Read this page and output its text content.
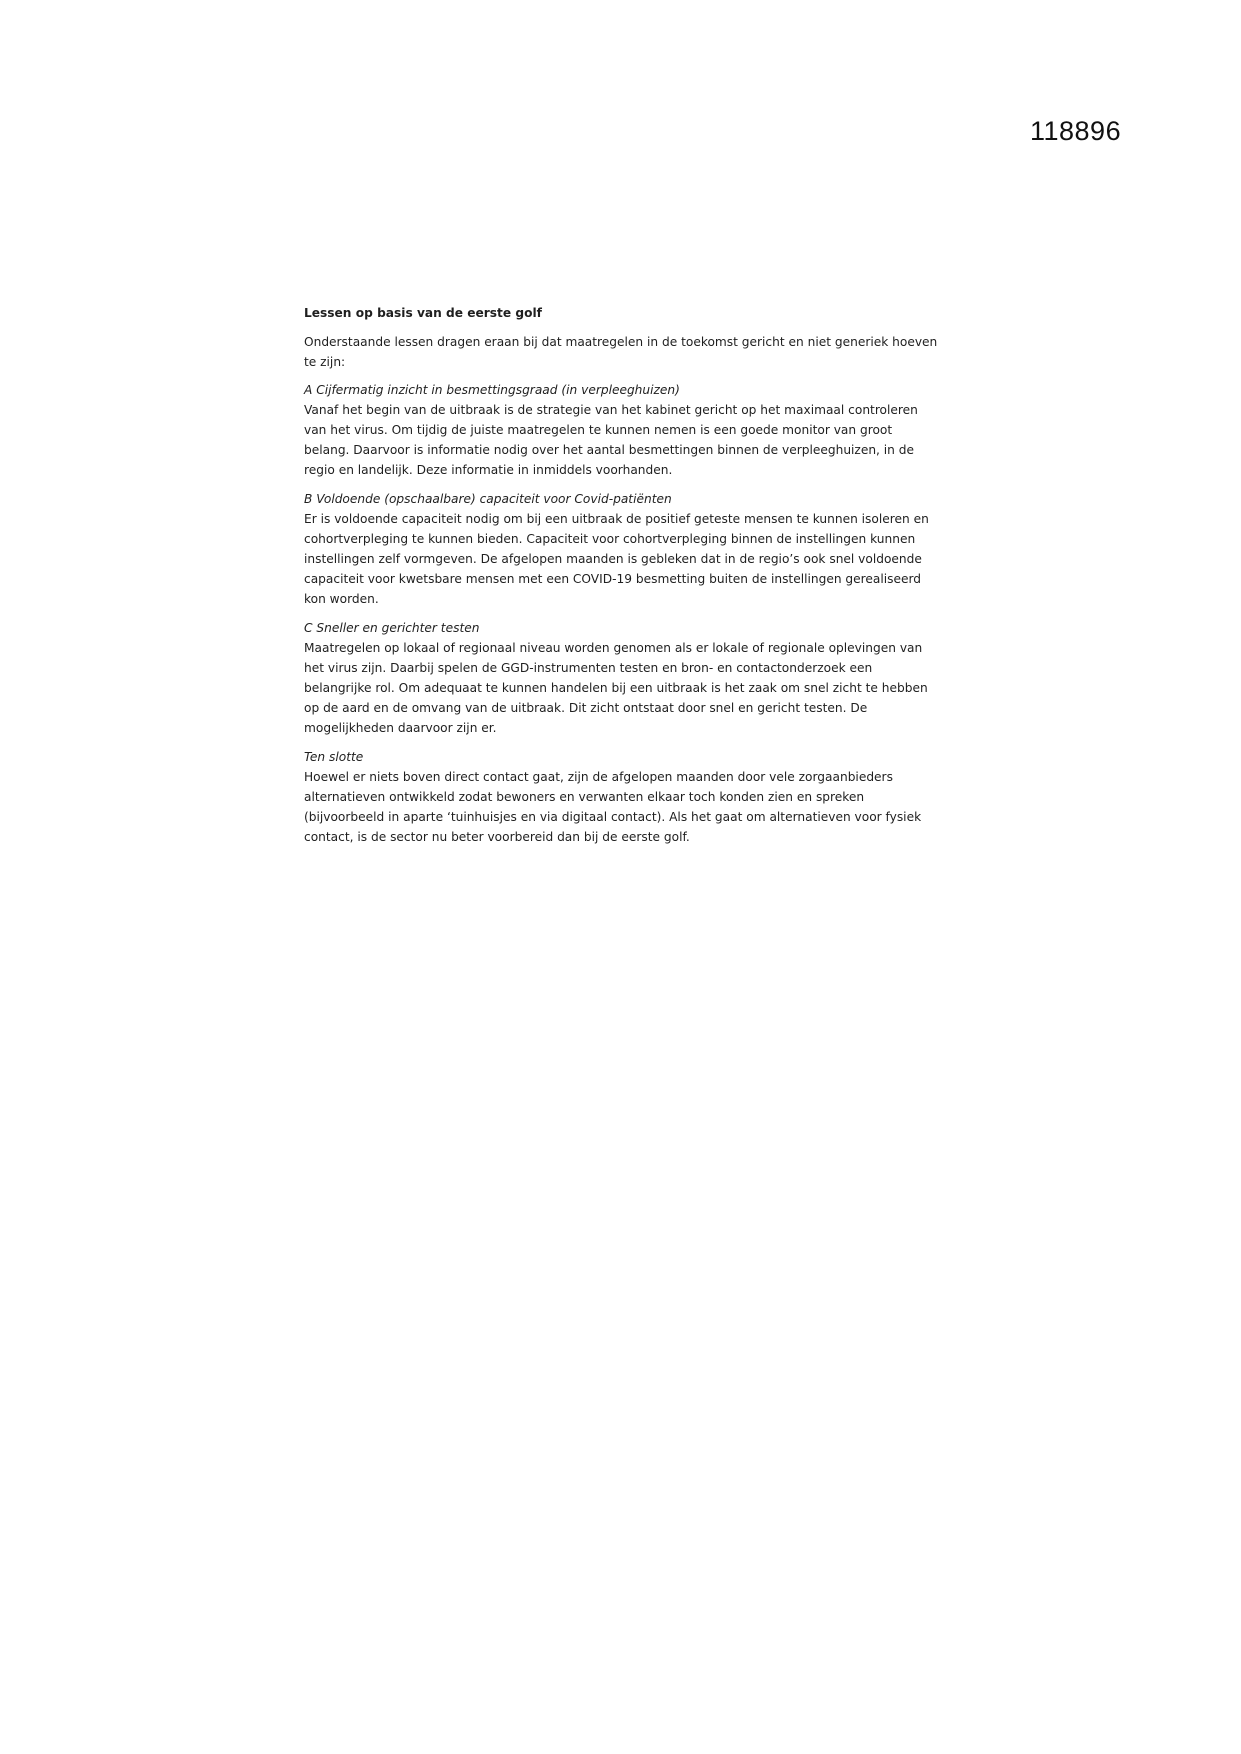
118896
Lessen op basis van de eerste golf
Onderstaande lessen dragen eraan bij dat maatregelen in de toekomst gericht en niet generiek hoeven te zijn:
A Cijfermatig inzicht in besmettingsgraad (in verpleeghuizen)
Vanaf het begin van de uitbraak is de strategie van het kabinet gericht op het maximaal controleren van het virus. Om tijdig de juiste maatregelen te kunnen nemen is een goede monitor van groot belang. Daarvoor is informatie nodig over het aantal besmettingen binnen de verpleeghuizen, in de regio en landelijk. Deze informatie in inmiddels voorhanden.
B Voldoende (opschaalbare) capaciteit voor Covid-patiënten
Er is voldoende capaciteit nodig om bij een uitbraak de positief geteste mensen te kunnen isoleren en cohortverpleging te kunnen bieden. Capaciteit voor cohortverpleging binnen de instellingen kunnen instellingen zelf vormgeven. De afgelopen maanden is gebleken dat in de regio’s ook snel voldoende capaciteit voor kwetsbare mensen met een COVID-19 besmetting buiten de instellingen gerealiseerd kon worden.
C Sneller en gerichter testen
Maatregelen op lokaal of regionaal niveau worden genomen als er lokale of regionale oplevingen van het virus zijn. Daarbij spelen de GGD-instrumenten testen en bron- en contactonderzoek een belangrijke rol. Om adequaat te kunnen handelen bij een uitbraak is het zaak om snel zicht te hebben op de aard en de omvang van de uitbraak. Dit zicht ontstaat door snel en gericht testen. De mogelijkheden daarvoor zijn er.
Ten slotte
Hoewel er niets boven direct contact gaat, zijn de afgelopen maanden door vele zorgaanbieders alternatieven ontwikkeld zodat bewoners en verwanten elkaar toch konden zien en spreken (bijvoorbeeld in aparte ‘tuinhuisjes en via digitaal contact). Als het gaat om alternatieven voor fysiek contact, is de sector nu beter voorbereid dan bij de eerste golf.
